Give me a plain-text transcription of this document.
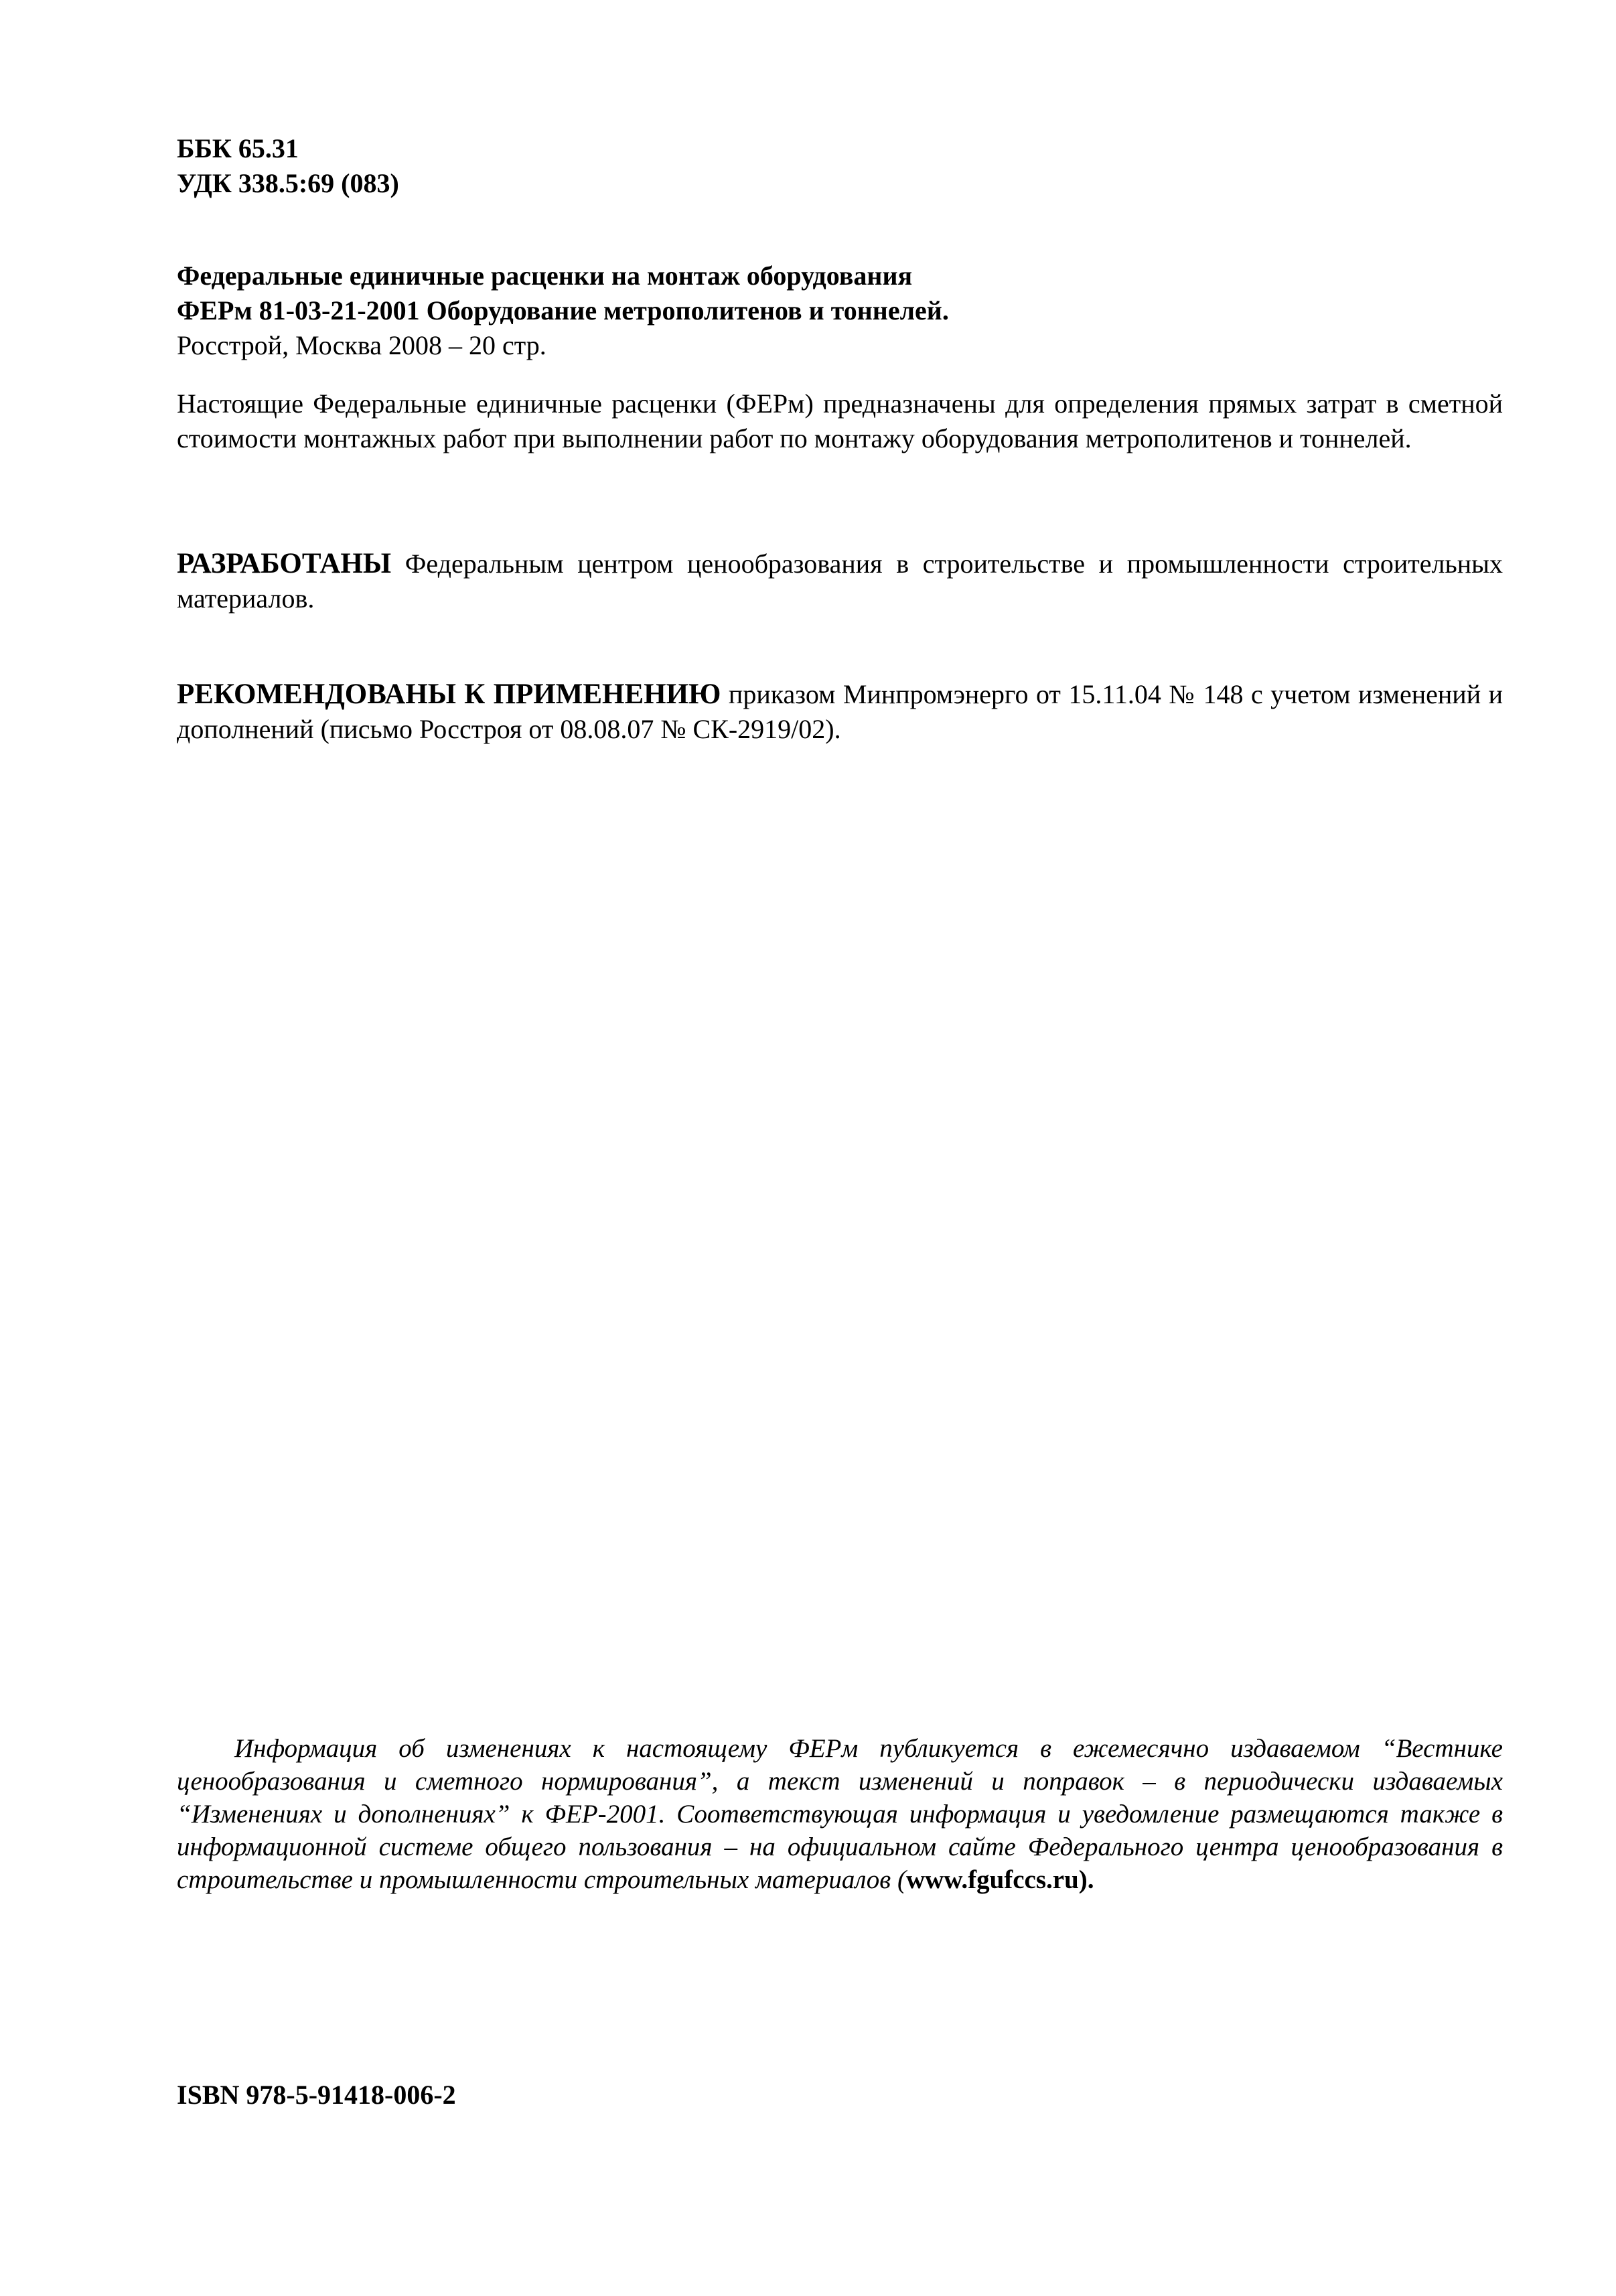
ББК 65.31
УДК 338.5:69 (083)
Федеральные единичные расценки на монтаж оборудования
ФЕРм 81-03-21-2001 Оборудование метрополитенов и тоннелей.
Росстрой, Москва 2008 – 20 стр.

Настоящие Федеральные единичные расценки (ФЕРм) предназначены для определения прямых затрат в сметной стоимости монтажных работ при выполнении работ по монтажу оборудования метрополитенов и тоннелей.

РАЗРАБОТАНЫ Федеральным центром ценообразования в строительстве и промышленности строительных материалов.

РЕКОМЕНДОВАНЫ К ПРИМЕНЕНИЮ приказом Минпромэнерго от 15.11.04 № 148 с учетом изменений и дополнений (письмо Росстроя от 08.08.07 № СК-2919/02).

Информация об изменениях к настоящему ФЕРм публикуется в ежемесячно издаваемом “Вестнике ценообразования и сметного нормирования”, а текст изменений и поправок – в периодически издаваемых “Изменениях и дополнениях” к ФЕР-2001. Соответствующая информация и уведомление размещаются также в информационной системе общего пользования – на официальном сайте Федерального центра ценообразования в строительстве и промышленности строительных материалов (www.fgufccs.ru).

ISBN 978-5-91418-006-2
